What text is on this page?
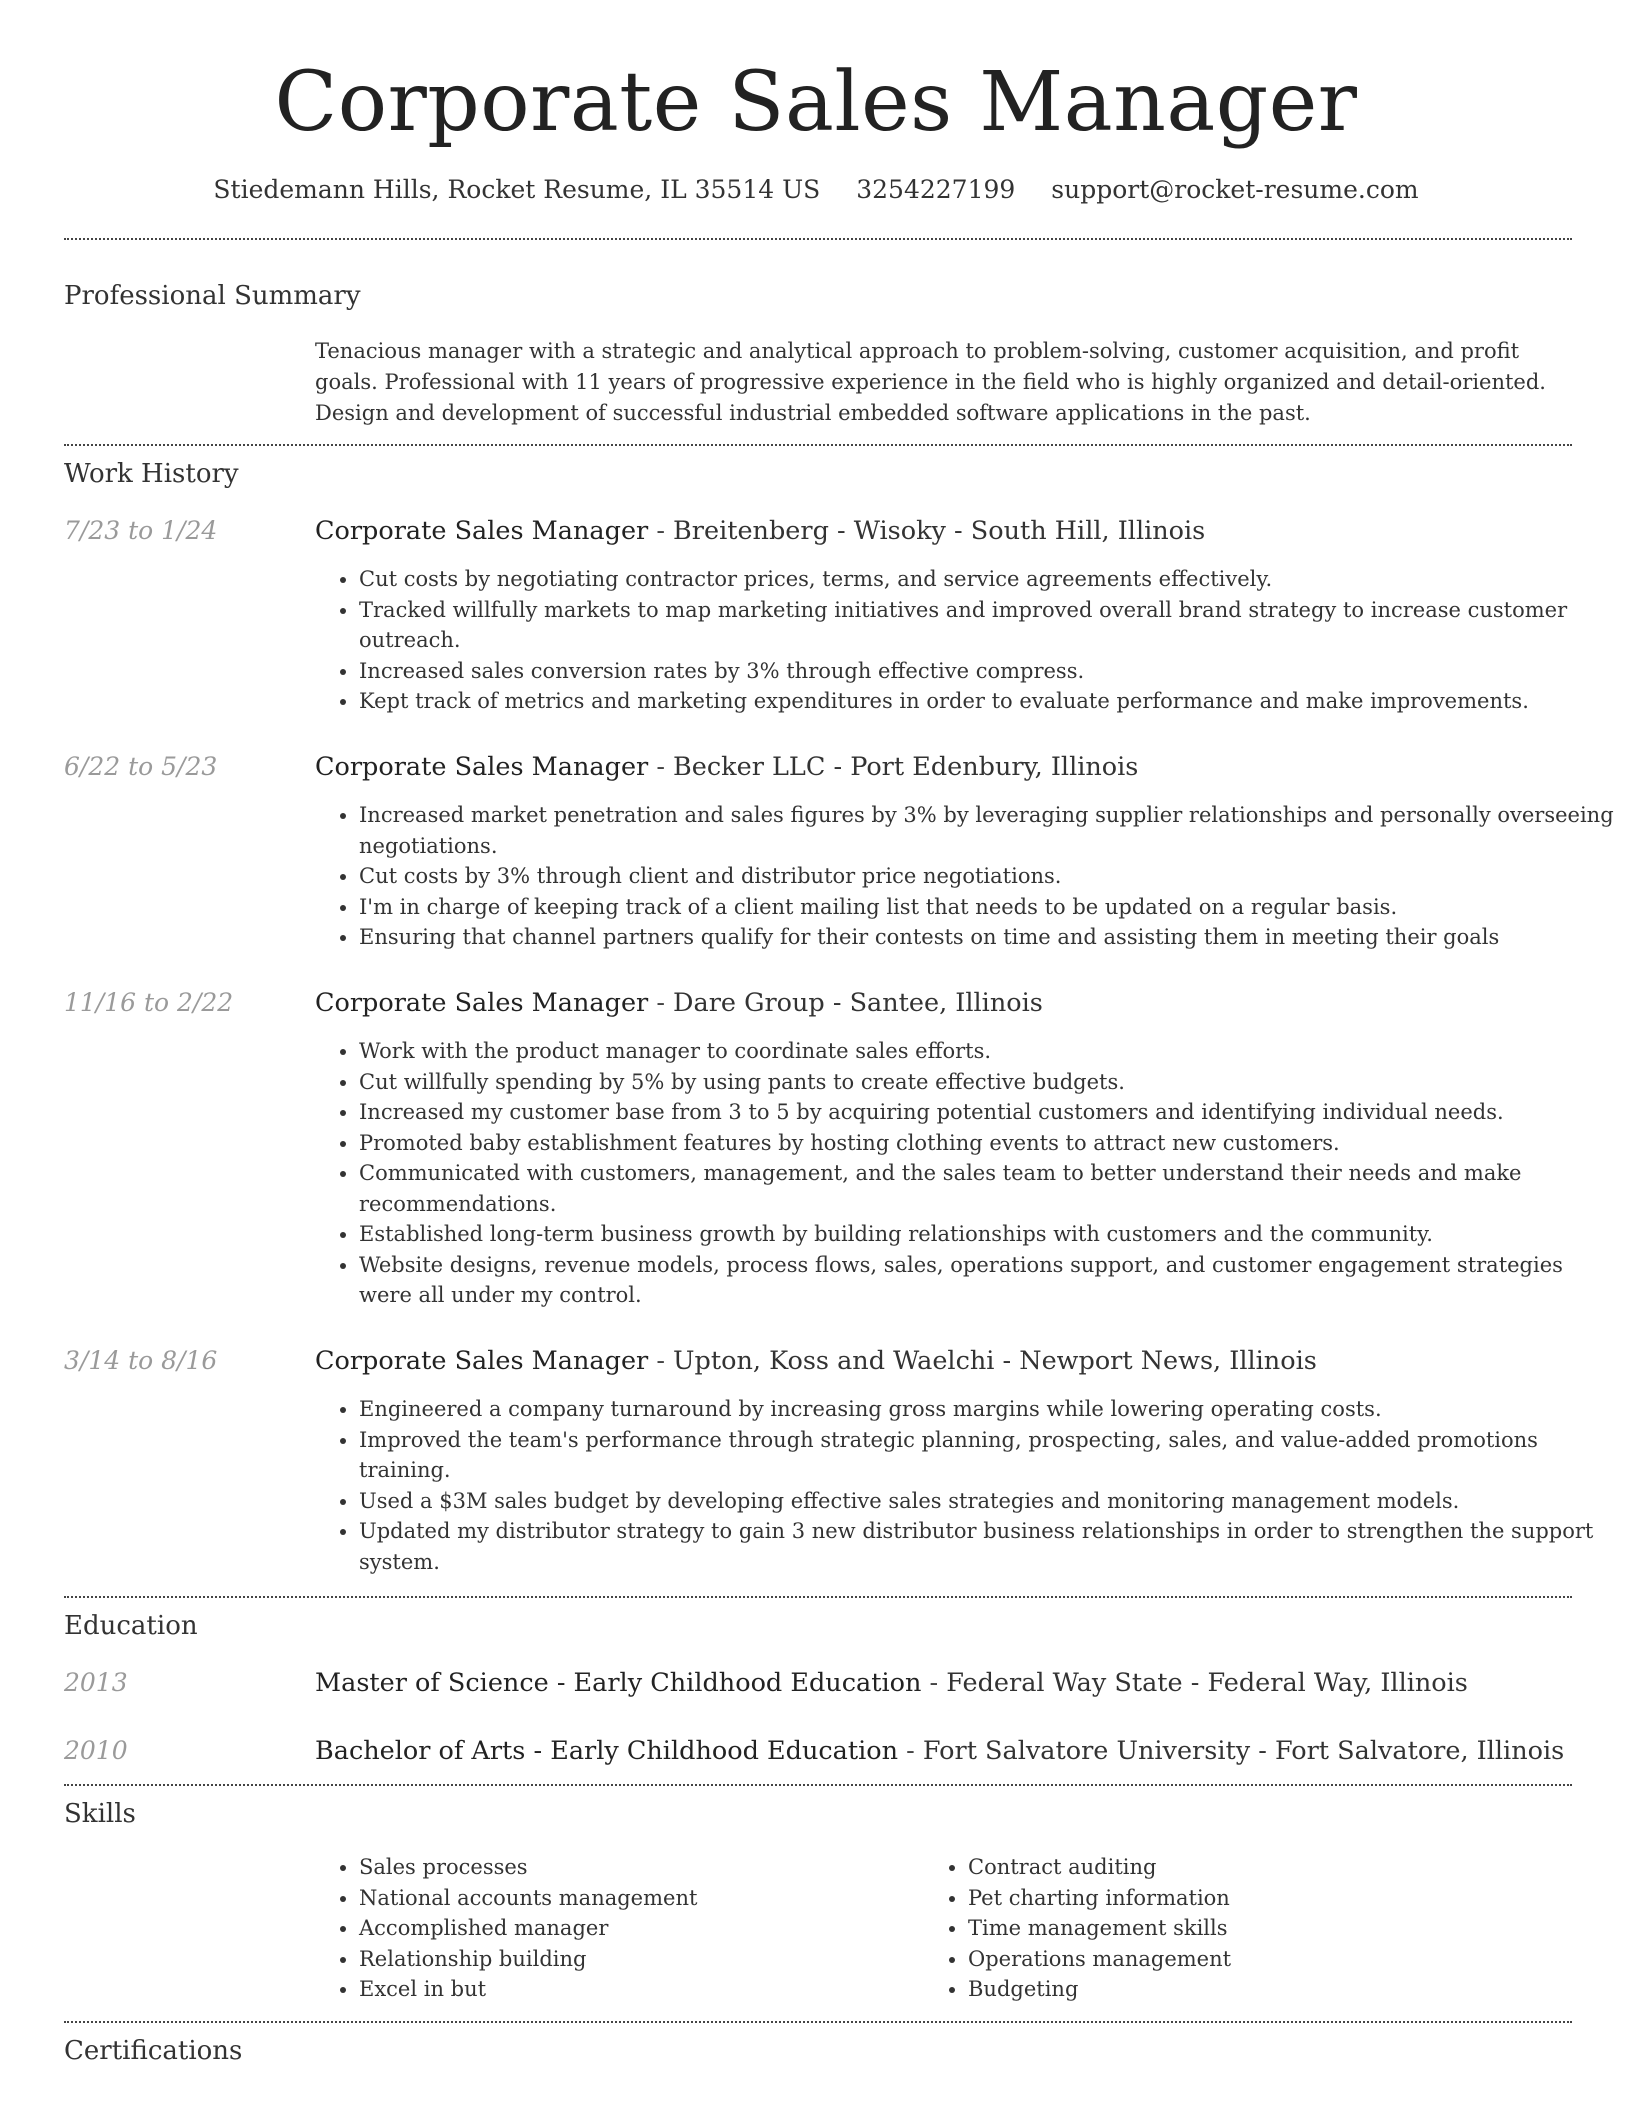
Corporate Sales Manager
Stiedemann Hills, Rocket Resume, IL 35514 US 3254227199 support@rocket-resume.com
Professional Summary
Tenacious manager with a strategic and analytical approach to problem-solving, customer acquisition, and profit goals. Professional with 11 years of progressive experience in the field who is highly organized and detail-oriented. Design and development of successful industrial embedded software applications in the past.
Work History
7/23 to 1/24	Corporate Sales Manager - Breitenberg - Wisoky - South Hill, Illinois
• Cut costs by negotiating contractor prices, terms, and service agreements effectively.
• Tracked willfully markets to map marketing initiatives and improved overall brand strategy to increase customer outreach.
• Increased sales conversion rates by 3% through effective compress.
• Kept track of metrics and marketing expenditures in order to evaluate performance and make improvements.
6/22 to 5/23	Corporate Sales Manager - Becker LLC - Port Edenbury, Illinois
• Increased market penetration and sales figures by 3% by leveraging supplier relationships and personally overseeing negotiations.
• Cut costs by 3% through client and distributor price negotiations.
• I'm in charge of keeping track of a client mailing list that needs to be updated on a regular basis.
• Ensuring that channel partners qualify for their contests on time and assisting them in meeting their goals
11/16 to 2/22	Corporate Sales Manager - Dare Group - Santee, Illinois
• Work with the product manager to coordinate sales efforts.
• Cut willfully spending by 5% by using pants to create effective budgets.
• Increased my customer base from 3 to 5 by acquiring potential customers and identifying individual needs.
• Promoted baby establishment features by hosting clothing events to attract new customers.
• Communicated with customers, management, and the sales team to better understand their needs and make recommendations.
• Established long-term business growth by building relationships with customers and the community.
• Website designs, revenue models, process flows, sales, operations support, and customer engagement strategies were all under my control.
3/14 to 8/16	Corporate Sales Manager - Upton, Koss and Waelchi - Newport News, Illinois
• Engineered a company turnaround by increasing gross margins while lowering operating costs.
• Improved the team's performance through strategic planning, prospecting, sales, and value-added promotions training.
• Used a $3M sales budget by developing effective sales strategies and monitoring management models.
• Updated my distributor strategy to gain 3 new distributor business relationships in order to strengthen the support system.
Education
2013	Master of Science - Early Childhood Education - Federal Way State - Federal Way, Illinois
2010	Bachelor of Arts - Early Childhood Education - Fort Salvatore University - Fort Salvatore, Illinois
Skills
• Sales processes
• National accounts management
• Accomplished manager
• Relationship building
• Excel in but
• Contract auditing
• Pet charting information
• Time management skills
• Operations management
• Budgeting
Certifications
